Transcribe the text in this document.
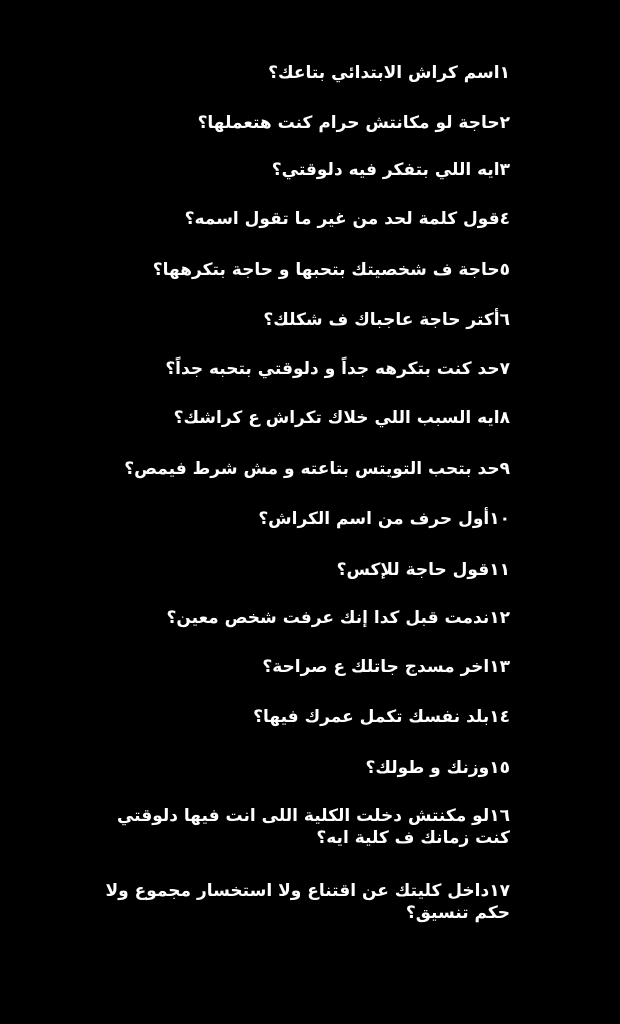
١اسم كراش الابتدائي بتاعك؟
٢حاجة لو مكانتش حرام كنت هتعملها؟
٣ايه اللي بتفكر فيه دلوقتي؟
٤قول كلمة لحد من غير ما تقول اسمه؟
٥حاجة ف شخصيتك بتحبها و حاجة بتكرهها؟
٦أكتر حاجة عاجباك ف شكلك؟
٧حد كنت بتكرهه جداً و دلوقتي بتحبه جداً؟
٨ايه السبب اللي خلاك تكراش ع كراشك؟
٩حد بتحب التويتس بتاعته و مش شرط فيمص؟
١٠أول حرف من اسم الكراش؟
١١قول حاجة للإكس؟
١٢ندمت قبل كدا إنك عرفت شخص معين؟
١٣اخر مسدج جاتلك ع صراحة؟
١٤بلد نفسك تكمل عمرك فيها؟
١٥وزنك و طولك؟
١٦لو مكنتش دخلت الكلية اللى انت فيها دلوقتي كنت زمانك ف كلية ايه؟
١٧داخل كليتك عن اقتناع ولا استخسار مجموع ولا حكم تنسيق؟
